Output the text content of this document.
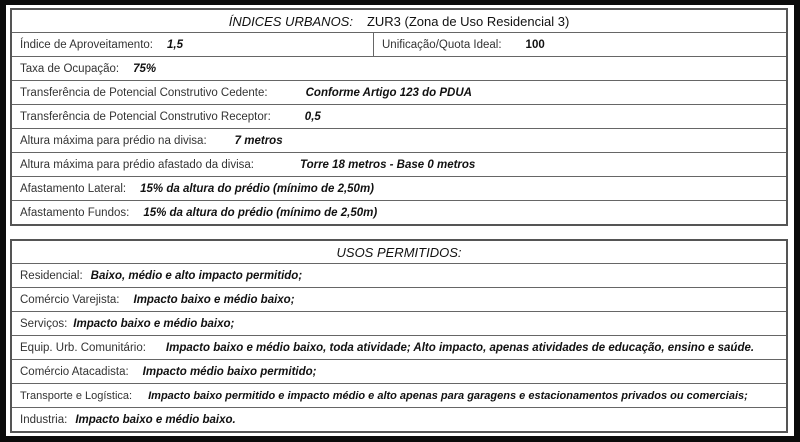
ÍNDICES URBANOS: ZUR3 (Zona de Uso Residencial 3)
Índice de Aproveitamento: 1,5	Unificação/Quota Ideal: 100
Taxa de Ocupação: 75%
Transferência de Potencial Construtivo Cedente:	Conforme Artigo 123 do PDUA
Transferência de Potencial Construtivo Receptor:	0,5
Altura máxima para prédio na divisa: 7 metros
Altura máxima para prédio afastado da divisa:	Torre 18 metros - Base 0 metros
Afastamento Lateral: 15% da altura do prédio (mínimo de 2,50m)
Afastamento Fundos: 15% da altura do prédio (mínimo de 2,50m)
USOS PERMITIDOS:
Residencial: Baixo, médio e alto impacto permitido;
Comércio Varejista: Impacto baixo e médio baixo;
Serviços: Impacto baixo e médio baixo;
Equip. Urb. Comunitário: Impacto baixo e médio baixo, toda atividade; Alto impacto, apenas atividades de educação, ensino e saúde.
Comércio Atacadista: Impacto médio baixo permitido;
Transporte e Logística: Impacto baixo permitido e impacto médio e alto apenas para garagens e estacionamentos privados ou comerciais;
Industria: Impacto baixo e médio baixo.
